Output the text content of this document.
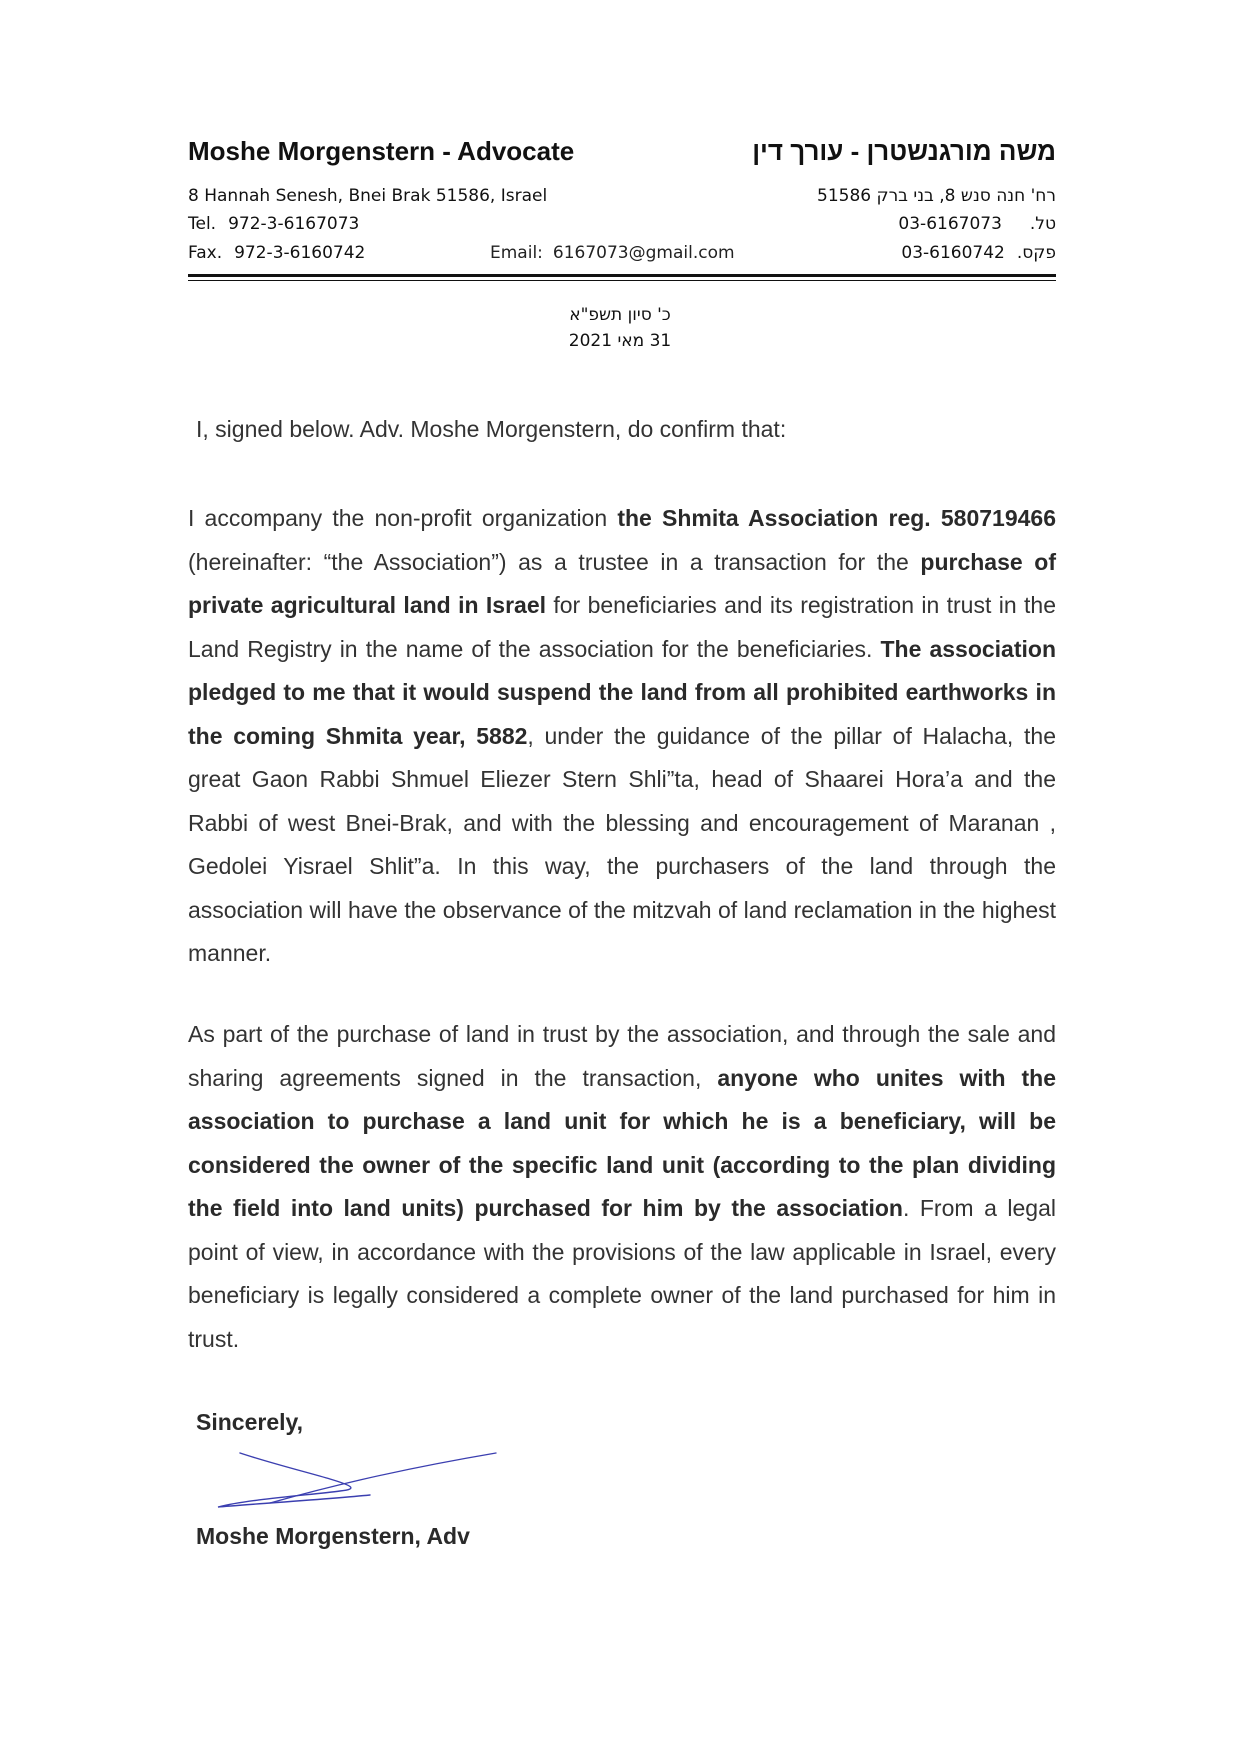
Moshe Morgenstern - Advocate	משה מורגנשטרן - עורך דין
8 Hannah Senesh, Bnei Brak 51586, Israel	רח' חנה סנש 8, בני ברק 51586
Tel. 972-3-6167073	טל.03-6167073
Fax. 972-3-6160742	פקס.03-6160742
Email: 6167073@gmail.com
כ' סיון תשפ"א
31 מאי 2021
I, signed below. Adv. Moshe Morgenstern, do confirm that:
I accompany the non-profit organization the Shmita Association reg. 580719466 (hereinafter: “the Association”) as a trustee in a transaction for the purchase of private agricultural land in Israel for beneficiaries and its registration in trust in the Land Registry in the name of the association for the beneficiaries. The association pledged to me that it would suspend the land from all prohibited earthworks in the coming Shmita year, 5882, under the guidance of the pillar of Halacha, the great Gaon Rabbi Shmuel Eliezer Stern Shli”ta, head of Shaarei Hora’a and the Rabbi of west Bnei-Brak, and with the blessing and encouragement of Maranan , Gedolei Yisrael Shlit”a. In this way, the purchasers of the land through the association will have the observance of the mitzvah of land reclamation in the highest manner.
As part of the purchase of land in trust by the association, and through the sale and sharing agreements signed in the transaction, anyone who unites with the association to purchase a land unit for which he is a beneficiary, will be considered the owner of the specific land unit (according to the plan dividing the field into land units) purchased for him by the association. From a legal point of view, in accordance with the provisions of the law applicable in Israel, every beneficiary is legally considered a complete owner of the land purchased for him in trust.
Sincerely,
Moshe Morgenstern, Adv
